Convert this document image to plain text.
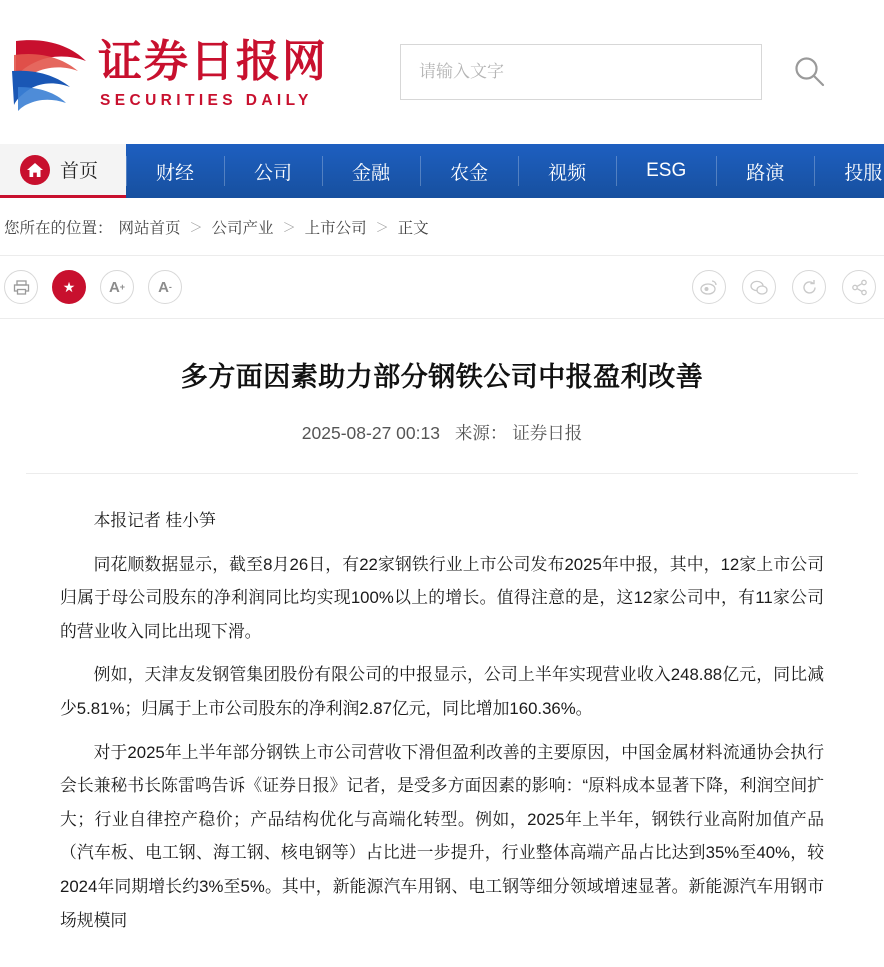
证券日报网
SECURITIES DAILY
请输入文字
首页	财经	公司	金融	农金	视频	ESG	路演	投服
您所在的位置： 网站首页 ＞ 公司产业 ＞ 上市公司 ＞ 正文
★	A +	A -
多方面因素助力部分钢铁公司中报盈利改善
2025-08-27 00:13 来源： 证券日报

本报记者 桂小笋

同花顺数据显示，截至8月26日，有22家钢铁行业上市公司发布2025年中报，其中，12家上市公司归属于母公司股东的净利润同比均实现100%以上的增长。值得注意的是，这12家公司中，有11家公司的营业收入同比出现下滑。

例如，天津友发钢管集团股份有限公司的中报显示，公司上半年实现营业收入248.88亿元，同比减少5.81%；归属于上市公司股东的净利润2.87亿元，同比增加160.36%。

对于2025年上半年部分钢铁上市公司营收下滑但盈利改善的主要原因，中国金属材料流通协会执行会长兼秘书长陈雷鸣告诉《证券日报》记者，是受多方面因素的影响：“原料成本显著下降，利润空间扩大；行业自律控产稳价；产品结构优化与高端化转型。例如，2025年上半年，钢铁行业高附加值产品（汽车板、电工钢、海工钢、核电钢等）占比进一步提升，行业整体高端产品占比达到35%至40%，较2024年同期增长约3%至5%。其中，新能源汽车用钢、电工钢等细分领域增速显著。新能源汽车用钢市场规模同
